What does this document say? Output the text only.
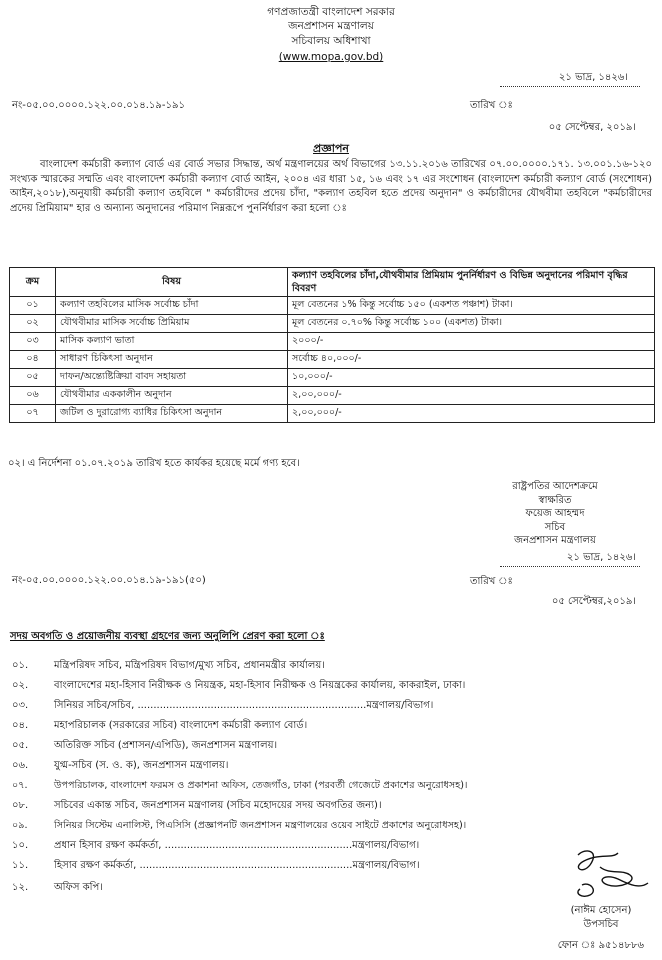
গণপ্রজাতন্ত্রী বাংলাদেশ সরকার
জনপ্রশাসন মন্ত্রণালয়
সচিবালয় অধিশাখা
(www.mopa.gov.bd)
২১ ভাদ্র, ১৪২৬।
নং-০৫.০০.০০০০.১২২.০০.০১৪.১৯-১৯১	তারিখ ঃ
০৫ সেপ্টেম্বর, ২০১৯।
প্রজ্ঞাপন
বাংলাদেশ কর্মচারী কল্যাণ বোর্ড এর বোর্ড সভার সিদ্ধান্ত, অর্থ মন্ত্রণালয়ের অর্থ বিভাগের ১৩.১১.২০১৬ তারিখের ০৭.০০.০০০০.১৭১. ১৩.০০১.১৬-১২০ সংখ্যক স্মারকের সম্মতি এবং বাংলাদেশ কর্মচারী কল্যাণ বোর্ড আইন, ২০০৪ এর ধারা ১৫, ১৬ এবং ১৭ এর সংশোধন (বাংলাদেশ কর্মচারী কল্যাণ বোর্ড (সংশোধন) আইন,২০১৮),অনুযায়ী কর্মচারী কল্যাণ তহবিলে " কর্মচারীদের প্রদেয় চাঁদা, "কল্যাণ তহবিল হতে প্রদেয় অনুদান" ও কর্মচারীদের যৌথবীমা তহবিলে "কর্মচারীদের প্রদেয় প্রিমিয়াম" হার ও অন্যান্য অনুদানের পরিমাণ নিম্নরূপে পুনর্নির্ধারণ করা হলো ঃ
ক্রম	বিষয়	কল্যাণ তহবিলের চাঁদা,যৌথবীমার প্রিমিয়াম পুনর্নির্ধারণ ও বিভিন্ন অনুদানের পরিমাণ বৃদ্ধির বিবরণ
০১	কল্যাণ তহবিলের মাসিক সর্বোচ্চ চাঁদা	মূল বেতনের ১% কিন্তু সর্বোচ্চ ১৫০ (একশত পঞ্চাশ) টাকা।
০২	যৌথবীমার মাসিক সর্বোচ্চ প্রিমিয়াম	মূল বেতনের ০.৭০% কিন্তু সর্বোচ্চ ১০০ (একশত) টাকা।
০৩	মাসিক কল্যাণ ভাতা	২০০০/-
০৪	সাধারণ চিকিৎসা অনুদান	সর্বোচ্চ ৪০,০০০/-
০৫	দাফন/অন্ত্যেষ্টিক্রিয়া বাবদ সহায়তা	১০,০০০/-
০৬	যৌথবীমার এককালীন অনুদান	২,০০,০০০/-
০৭	জটিল ও দুরারোগ্য ব্যাধির চিকিৎসা অনুদান	২,০০,০০০/-
০২। এ নির্দেশনা ০১.০৭.২০১৯ তারিখ হতে কার্যকর হয়েছে মর্মে গণ্য হবে।
রাষ্ট্রপতির আদেশক্রমে
স্বাক্ষরিত
ফয়েজ আহম্মদ
সচিব
জনপ্রশাসন মন্ত্রণালয়
২১ ভাদ্র, ১৪২৬।
নং-০৫.০০.০০০০.১২২.০০.০১৪.১৯-১৯১(৫০)	তারিখ ঃ
০৫ সেপ্টেম্বর,২০১৯।
সদয় অবগতি ও প্রয়োজনীয় ব্যবস্থা গ্রহণের জন্য অনুলিপি প্রেরণ করা হলো ঃ
০১.	মন্ত্রিপরিষদ সচিব, মন্ত্রিপরিষদ বিভাগ/মুখ্য সচিব, প্রধানমন্ত্রীর কার্যালয়।
০২.	বাংলাদেশের মহা-হিসাব নিরীক্ষক ও নিয়ন্ত্রক, মহা-হিসাব নিরীক্ষক ও নিয়ন্ত্রকের কার্যালয়, কাকরাইল, ঢাকা।
০৩.	সিনিয়র সচিব/সচিব, ........................................................................মন্ত্রণালয়/বিভাগ।
০৪.	মহাপরিচালক (সরকারের সচিব) বাংলাদেশ কর্মচারী কল্যাণ বোর্ড।
০৫.	অতিরিক্ত সচিব (প্রশাসন/এপিডি), জনপ্রশাসন মন্ত্রণালয়।
০৬.	যুগ্ম-সচিব (স. ও. ক), জনপ্রশাসন মন্ত্রণালয়।
০৭.	উপপরিচালক, বাংলাদেশ ফরমস ও প্রকাশনা অফিস, তেজগাঁও, ঢাকা (পরবর্তী গেজেটে প্রকাশের অনুরোধসহ)।
০৮.	সচিবের একান্ত সচিব, জনপ্রশাসন মন্ত্রণালয় (সচিব মহোদয়ের সদয় অবগতির জন্য)।
০৯.	সিনিয়র সিস্টেম এনালিস্ট, পিএসিসি (প্রজ্ঞাপনটি জনপ্রশাসন মন্ত্রণালয়ের ওয়েব সাইটে প্রকাশের অনুরোধসহ)।
১০.	প্রধান হিসাব রক্ষণ কর্মকর্তা, ...........................................................মন্ত্রণালয়/বিভাগ।
১১.	হিসাব রক্ষণ কর্মকর্তা, ...................................................................মন্ত্রণালয়/বিভাগ।
১২.	অফিস কপি।
(নাঈম হোসেন)
উপসচিব
ফোন ঃ ৯৫১৪৮৮৬
